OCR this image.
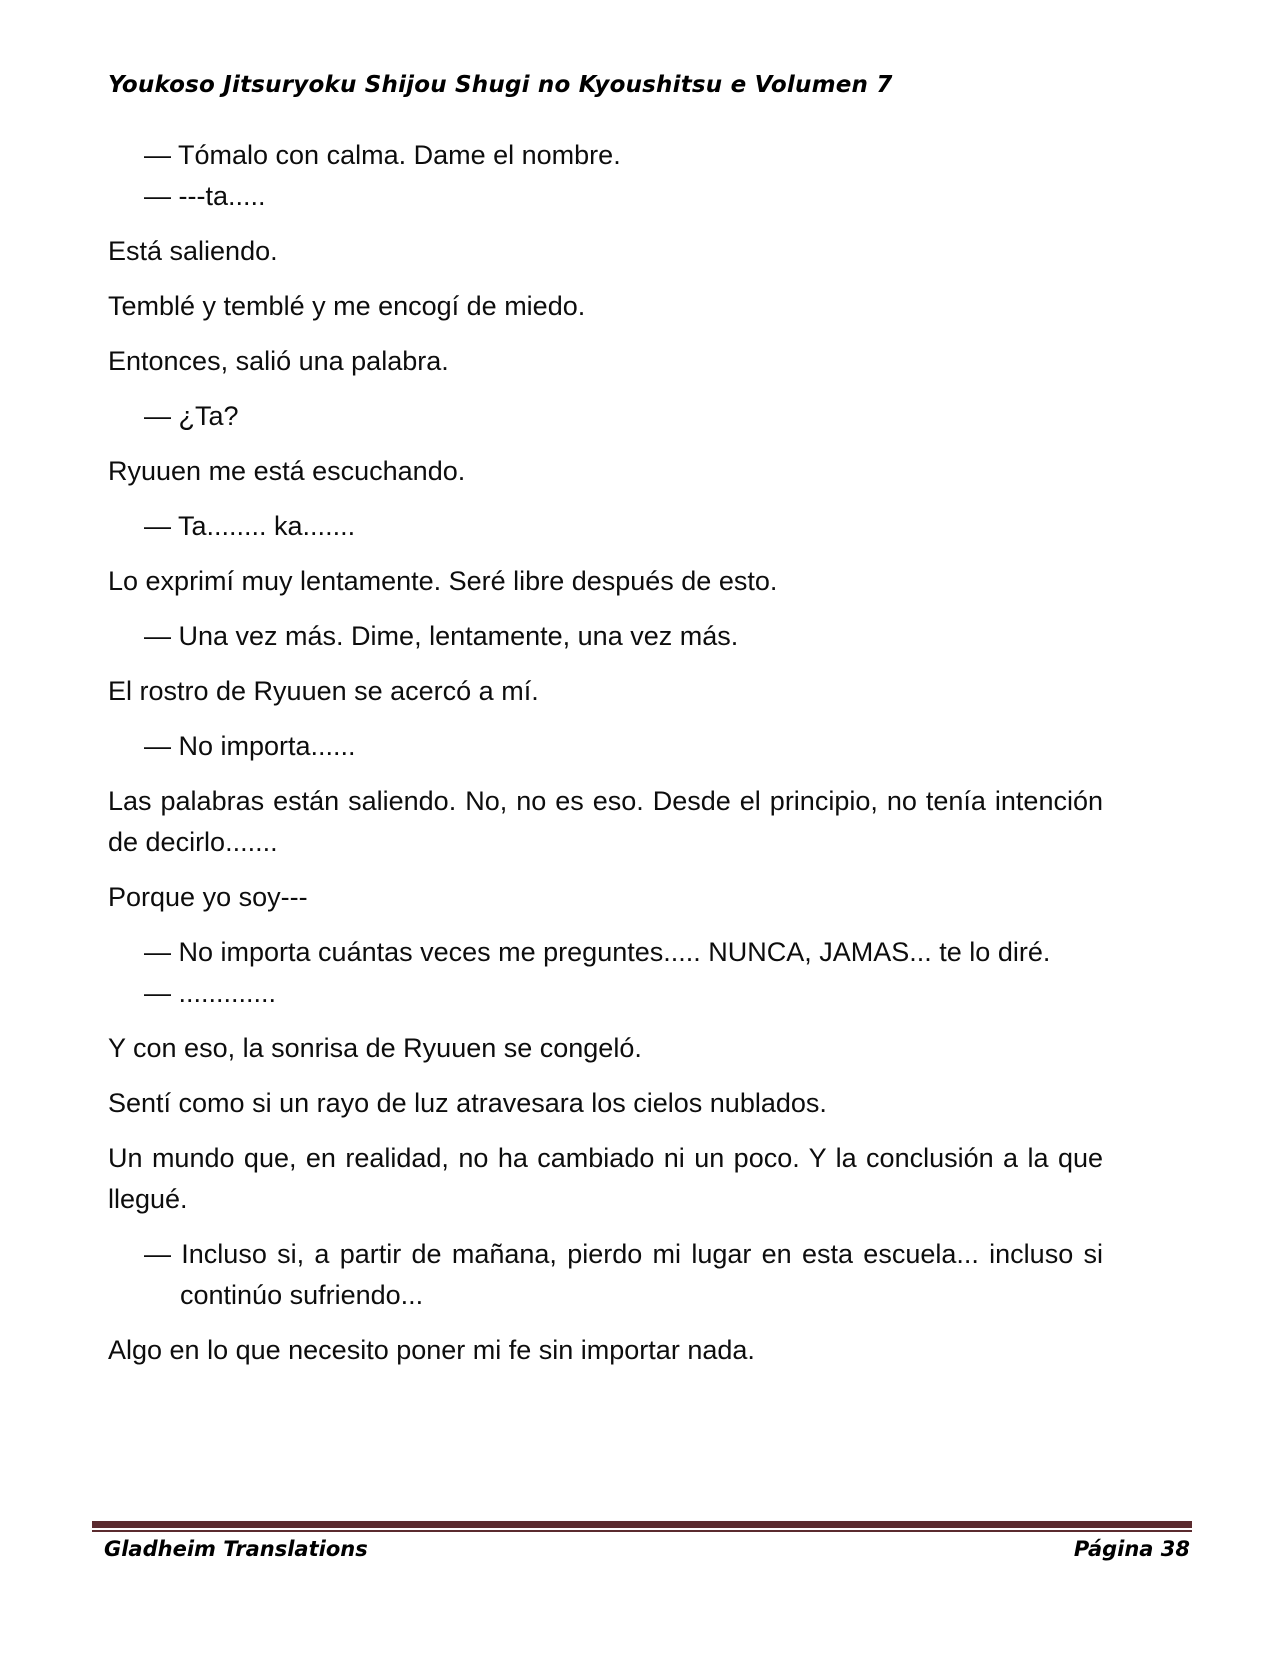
Youkoso Jitsuryoku Shijou Shugi no Kyoushitsu e Volumen 7

— Tómalo con calma. Dame el nombre.

— ---ta.....

Está saliendo.

Temblé y temblé y me encogí de miedo.

Entonces, salió una palabra.

— ¿Ta?

Ryuuen me está escuchando.

— Ta........ ka.......

Lo exprimí muy lentamente. Seré libre después de esto.

— Una vez más. Dime, lentamente, una vez más.

El rostro de Ryuuen se acercó a mí.

— No importa......

Las palabras están saliendo. No, no es eso. Desde el principio, no tenía intención de decirlo.......

Porque yo soy---

— No importa cuántas veces me preguntes..... NUNCA, JAMAS... te lo diré.

— .............

Y con eso, la sonrisa de Ryuuen se congeló.

Sentí como si un rayo de luz atravesara los cielos nublados.

Un mundo que, en realidad, no ha cambiado ni un poco. Y la conclusión a la que llegué.

— Incluso si, a partir de mañana, pierdo mi lugar en esta escuela... incluso si continúo sufriendo...

Algo en lo que necesito poner mi fe sin importar nada.

Gladheim Translations	Página 38
